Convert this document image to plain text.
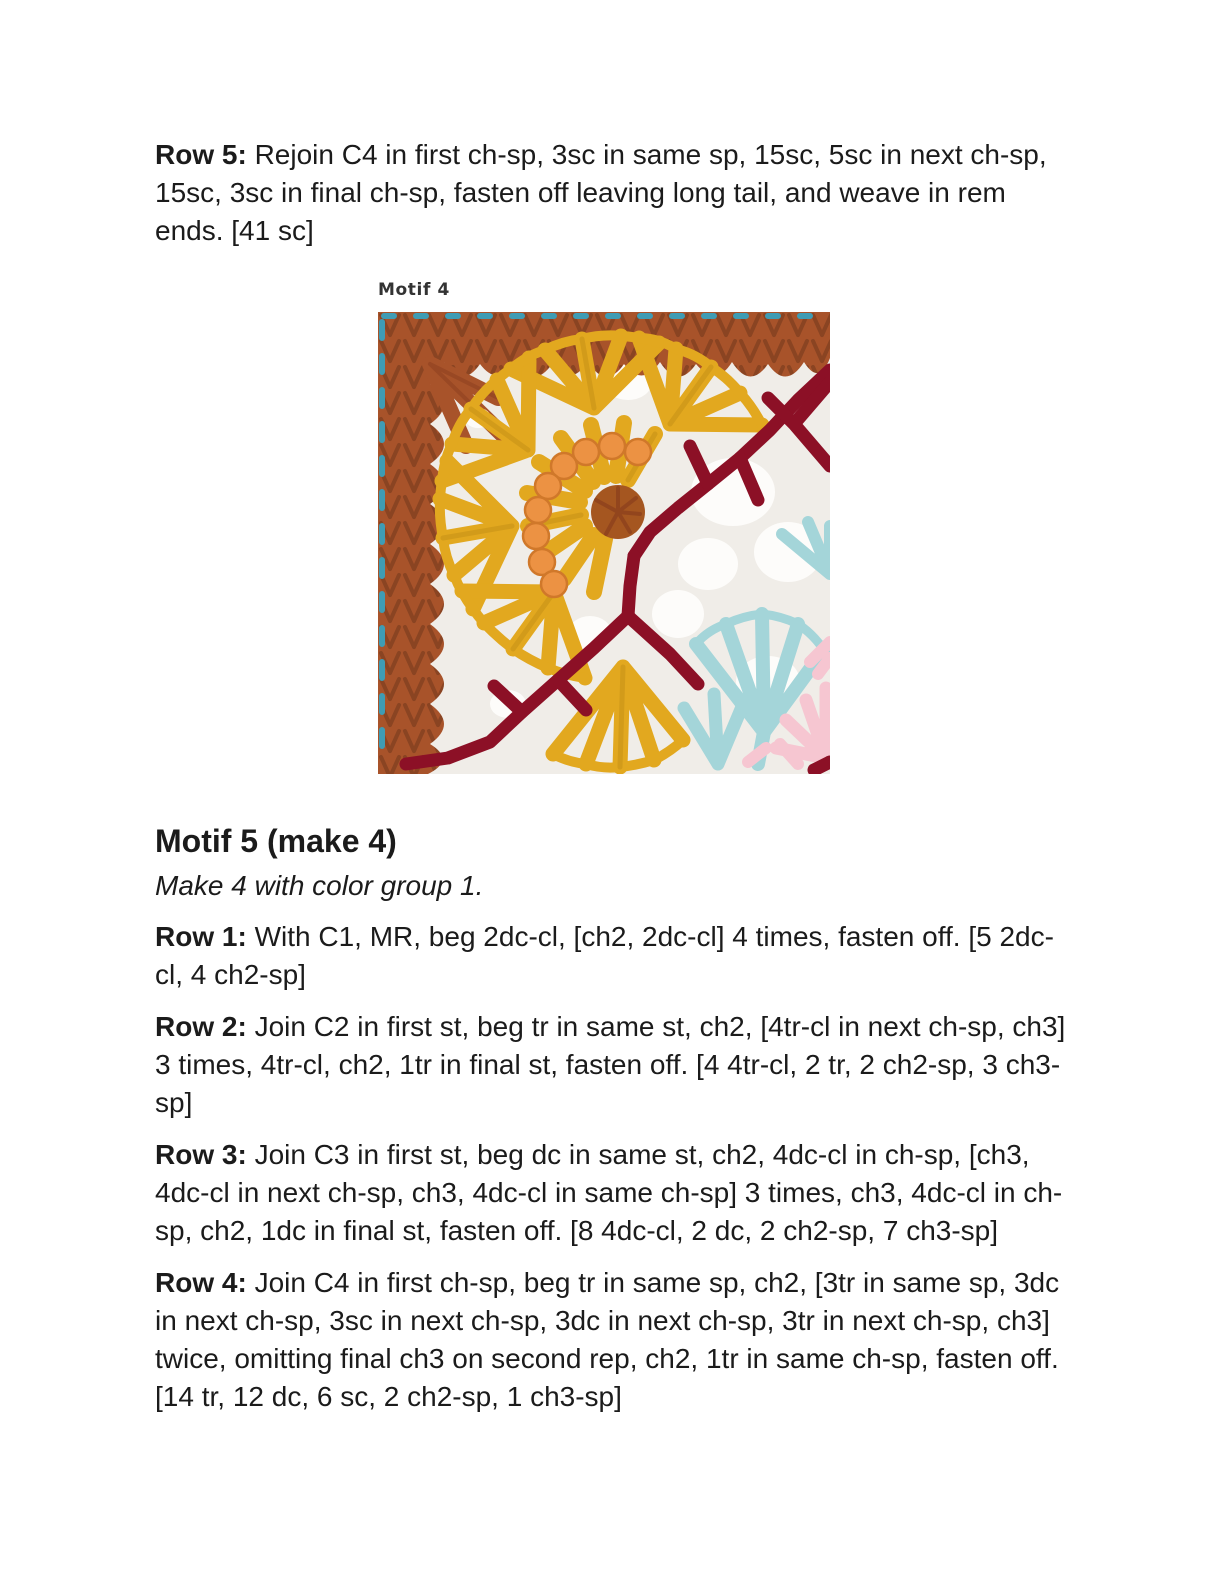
Row 5: Rejoin C4 in first ch-sp, 3sc in same sp, 15sc, 5sc in next ch-sp, 15sc, 3sc in final ch-sp, fasten off leaving long tail, and weave in rem ends. [41 sc]

Motif 4
Motif 5 (make 4)

Make 4 with color group 1.

Row 1: With C1, MR, beg 2dc-cl, [ch2, 2dc-cl] 4 times, fasten off. [5 2dc-cl, 4 ch2-sp]

Row 2: Join C2 in first st, beg tr in same st, ch2, [4tr-cl in next ch-sp, ch3] 3 times, 4tr-cl, ch2, 1tr in final st, fasten off. [4 4tr-cl, 2 tr, 2 ch2-sp, 3 ch3-sp]

Row 3: Join C3 in first st, beg dc in same st, ch2, 4dc-cl in ch-sp, [ch3, 4dc-cl in next ch-sp, ch3, 4dc-cl in same ch-sp] 3 times, ch3, 4dc-cl in ch-sp, ch2, 1dc in final st, fasten off. [8 4dc-cl, 2 dc, 2 ch2-sp, 7 ch3-sp]

Row 4: Join C4 in first ch-sp, beg tr in same sp, ch2, [3tr in same sp, 3dc in next ch-sp, 3sc in next ch-sp, 3dc in next ch-sp, 3tr in next ch-sp, ch3] twice, omitting final ch3 on second rep, ch2, 1tr in same ch-sp, fasten off. [14 tr, 12 dc, 6 sc, 2 ch2-sp, 1 ch3-sp]
